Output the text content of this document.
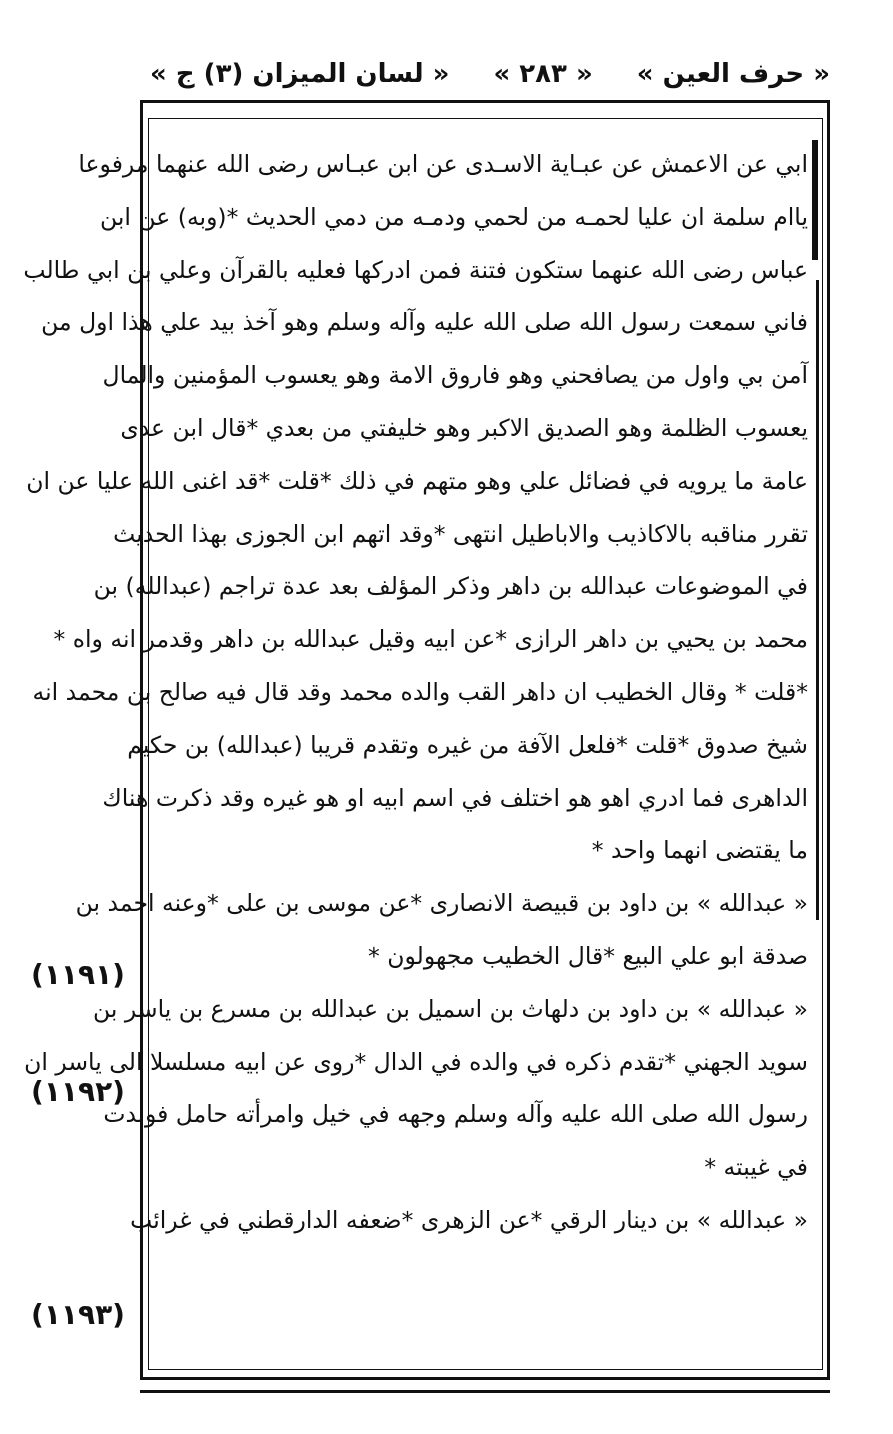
« حرف العين »
« ٢٨٣ »
« لسان الميزان (٣) ج »
ابي عن الاعمش عن عبـاية الاسـدى عن ابن عبـاس رضى الله عنهما مرفوعا
ياام سلمة ان عليا لحمـه من لحمي ودمـه من دمي الحديث *(وبه) عن ابن
عباس رضى الله عنهما ستكون فتنة فمن ادركها فعليه بالقرآن وعلي بن ابي طالب
فاني سمعت رسول الله صلى الله عليه وآله وسلم وهو آخذ بيد علي هذا اول من
آمن بي واول من يصافحني وهو فاروق الامة وهو يعسوب المؤمنين والمال
يعسوب الظلمة وهو الصديق الاكبر وهو خليفتي من بعدي *قال ابن عدى
عامة ما يرويه في فضائل علي وهو متهم في ذلك *قلت *قد اغنى الله عليا عن ان
تقرر مناقبه بالاكاذيب والاباطيل انتهى *وقد اتهم ابن الجوزى بهذا الحديث
في الموضوعات عبدالله بن داهر وذكر المؤلف بعد عدة تراجم (عبدالله) بن
محمد بن يحيي بن داهر الرازى *عن ابيه وقيل عبدالله بن داهر وقدمر انه واه *
*قلت * وقال الخطيب ان داهر القب والده محمد وقد قال فيه صالح بن محمد انه
شيخ صدوق *قلت *فلعل الآفة من غيره وتقدم قريبا (عبدالله) بن حكيم
الداهرى فما ادري اهو هو اختلف في اسم ابيه او هو غيره وقد ذكرت هناك
ما يقتضى انهما واحد *
« عبدالله » بن داود بن قبيصة الانصارى *عن موسى بن على *وعنه احمد بن
صدقة ابو علي البيع *قال الخطيب مجهولون *
« عبدالله » بن داود بن دلهاث بن اسميل بن عبدالله بن مسرع بن ياسر بن
سويد الجهني *تقدم ذكره في والده في الدال *روى عن ابيه مسلسلا الى ياسر ان
رسول الله صلى الله عليه وآله وسلم وجهه في خيل وامرأته حامل فولدت
في غيبته *
« عبدالله » بن دينار الرقي *عن الزهرى *ضعفه الدارقطني في غرائب
(١١٩١)
(١١٩٢)
(١١٩٣)
